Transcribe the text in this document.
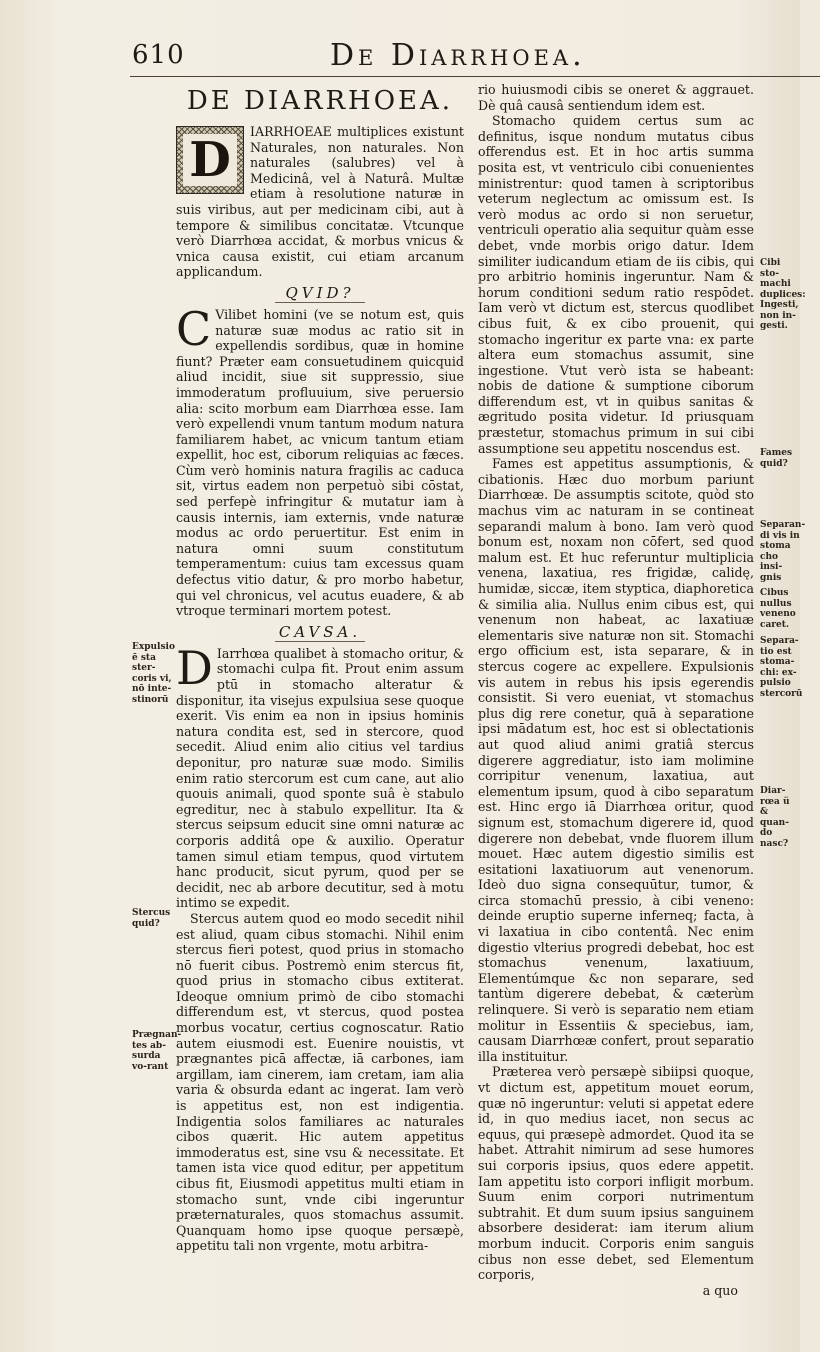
610	De Diarrhoea.
DE DIARRHOEA.

D
IARRHOEAE multiplices existunt Naturales, non naturales. Non naturales (salubres) vel à Medicinâ, vel à Naturâ. Multæ etiam à resolutione naturæ in suis viribus, aut per medicinam cibi, aut à tempore & similibus concitatæ. Vtcunque verò Diarrhœa accidat, & morbus vnicus & vnica causa existit, cui etiam arcanum applicandum.

QVID?

C Vilibet homini (ve se notum est, quis naturæ suæ modus ac ratio sit in expellendis sordibus, quæ in homine fiunt? Præter eam consuetudinem quicquid aliud incidit, siue sit suppressio, siue immoderatum profluuium, sive peruersio alia: scito morbum eam Diarrhœa esse. Iam verò expellendi vnum tantum modum natura familiarem habet, ac vnicum tantum etiam expellit, hoc est, ciborum reliquias ac fæces. Cùm verò hominis natura fragilis ac caduca sit, virtus eadem non perpetuò sibi cōstat, sed perfepè infringitur & mutatur iam à causis internis, iam externis, vnde naturæ modus ac ordo peruertitur. Est enim in natura omni suum constitutum temperamentum: cuius tam excessus quam defectus vitio datur, & pro morbo habetur, qui vel chronicus, vel acutus euadere, & ab vtroque terminari mortem potest.

CAVSA.

D Iarrhœa qualibet à stomacho oritur, & stomachi culpa fit. Prout enim assum ptū in stomacho alteratur & disponitur, ita visejus expulsiua sese quoque exerit. Vis enim ea non in ipsius hominis natura condita est, sed in stercore, quod secedit. Aliud enim alio citius vel tardius deponitur, pro naturæ suæ modo. Similis enim ratio stercorum est cum cane, aut alio quouis animali, quod sponte suâ è stabulo egreditur, nec à stabulo expellitur. Ita & stercus seipsum educit sine omni naturæ ac corporis additâ ope & auxilio. Operatur tamen simul etiam tempus, quod virtutem hanc producit, sicut pyrum, quod per se decidit, nec ab arbore decutitur, sed à motu intimo se expedit.

Stercus autem quod eo modo secedit nihil est aliud, quam cibus stomachi. Nihil enim stercus fieri potest, quod prius in stomacho nō fuerit cibus. Postremò enim stercus fit, quod prius in stomacho cibus extiterat. Ideoque omnium primò de cibo stomachi differendum est, vt stercus, quod postea morbus vocatur, certius cognoscatur. Ratio autem eiusmodi est. Euenire nouistis, vt prægnantes picā affectæ, iā carbones, iam argillam, iam cinerem, iam cretam, iam alia varia & obsurda edant ac ingerat. Iam verò is appetitus est, non est indigentia. Indigentia solos familiares ac naturales cibos quærit. Hic autem appetitus immoderatus est, sine vsu & necessitate. Et tamen ista vice quod editur, per appetitum cibus fit, Eiusmodi appetitus multi etiam in stomacho sunt, vnde cibi ingeruntur præternaturales, quos stomachus assumit. Quanquam homo ipse quoque persæpè, appetitu tali non vrgente, motu arbitra-

rio huiusmodi cibis se oneret & aggrauet. Dè quâ causâ sentiendum idem est.

Stomacho quidem certus sum ac definitus, isque nondum mutatus cibus offerendus est. Et in hoc artis summa posita est, vt ventriculo cibi conuenientes ministrentur: quod tamen à scriptoribus veterum neglectum ac omissum est. Is verò modus ac ordo si non seruetur, ventriculi operatio alia sequitur quàm esse debet, vnde morbis origo datur. Idem similiter iudicandum etiam de iis cibis, qui pro arbitrio hominis ingeruntur. Nam & horum conditioni sedum ratio respōdet. Iam verò vt dictum est, stercus quodlibet cibus fuit, & ex cibo prouenit, qui stomacho ingeritur ex parte vna: ex parte altera eum stomachus assumit, sine ingestione. Vtut verò ista se habeant: nobis de datione & sumptione ciborum differendum est, vt in quibus sanitas & ægritudo posita videtur. Id priusquam præstetur, stomachus primum in sui cibi assumptione seu appetitu noscendus est.

Fames est appetitus assumptionis, & cibationis. Hæc duo morbum pariunt Diarrhœæ. De assumptis scitote, quòd sto machus vim ac naturam in se contineat separandi malum à bono. Iam verò quod bonum est, noxam non cōfert, sed quod malum est. Et huc referuntur multiplicia venena, laxatiua, res frigidæ, calidę, humidæ, siccæ, item styptica, diaphoretica & similia alia. Nullus enim cibus est, qui venenum non habeat, ac laxatiuæ elementaris sive naturæ non sit. Stomachi ergo officium est, ista separare, & in stercus cogere ac expellere. Expulsionis vis autem in rebus his ipsis egerendis consistit. Si vero eueniat, vt stomachus plus dig rere conetur, quā à separatione ipsi mādatum est, hoc est si oblectationis aut quod aliud animi gratiâ stercus digerere aggrediatur, isto iam molimine corripitur venenum, laxatiua, aut elementum ipsum, quod à cibo separatum est. Hinc ergo iā Diarrhœa oritur, quod signum est, stomachum digerere id, quod digerere non debebat, vnde fluorem illum mouet. Hæc autem digestio similis est esitationi laxatiuorum aut venenorum. Ideò duo signa consequūtur, tumor, & circa stomachū pressio, à cibi veneno: deinde eruptio superne inferneq; facta, à vi laxatiua in cibo contentâ. Nec enim digestio vlterius progredi debebat, hoc est stomachus venenum, laxatiuum, Elementúmque &c non separare, sed tantùm digerere debebat, & cæterùm relinquere. Si verò is separatio nem etiam molitur in Essentiis & speciebus, iam, causam Diarrhœæ confert, prout separatio illa instituitur.

Præterea verò persæpè sibiipsi quoque, vt dictum est, appetitum mouet eorum, quæ nō ingeruntur: veluti si appetat edere id, in quo medius iacet, non secus ac equus, qui præsepè admordet. Quod ita se habet. Attrahit nimirum ad sese humores sui corporis ipsius, quos edere appetit. Iam appetitu isto corpori infligit morbum. Suum enim corpori nutrimentum subtrahit. Et dum suum ipsius sanguinem absorbere desiderat: iam iterum alium morbum inducit. Corporis enim sanguis cibus non esse debet, sed Elementum corporis,

a quo
Expulsio ē sta ster-coris vi, nō inte-stinorū
Stercus quid?
Prægnan-tes ab-surda vo-rant
Cibi sto-machi duplices: Ingesti, non in-gesti.
Fames quid?
Separan-di vis in stoma cho insi-gnis
Cibus nullus veneno caret.
Separa-tio est stoma-chi: ex-pulsio stercorū
Diar-rœa ü & quan-do nasc?
